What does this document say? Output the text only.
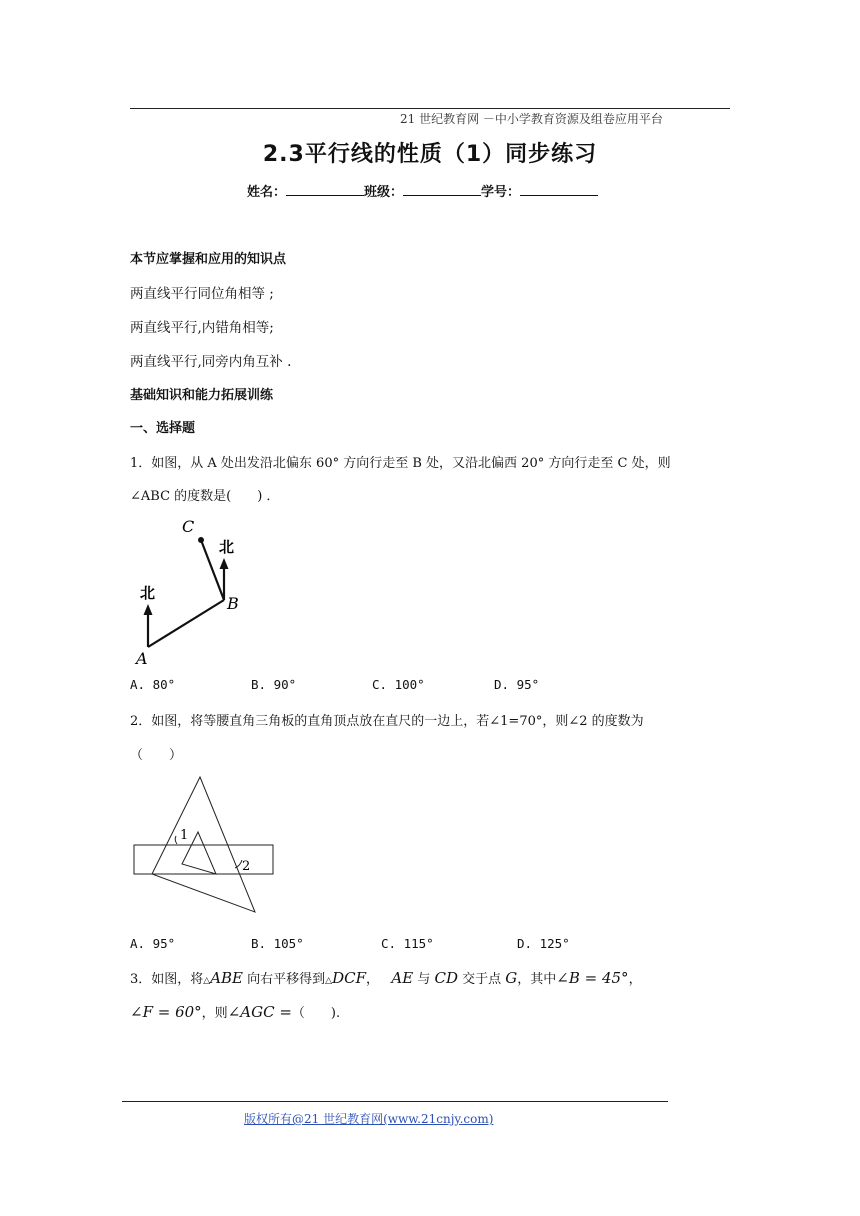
21 世纪教育网 －中小学教育资源及组卷应用平台
2.3平行线的性质（1）同步练习
姓名：	班级：	学号：
本节应掌握和应用的知识点
两直线平行同位角相等 ;
两直线平行,内错角相等;
两直线平行,同旁内角互补 .
基础知识和能力拓展训练
一、选择题
1．如图，从 A 处出发沿北偏东 60° 方向行走至 B 处，又沿北偏西 20° 方向行走至 C 处，则
∠ABC 的度数是(　　) ．
北
北
C
B
A
A. 80°	B. 90°	C. 100°	D. 95°
2．如图，将等腰直角三角板的直角顶点放在直尺的一边上，若∠1=70°，则∠2 的度数为
（　　）
1
2
A. 95°	B. 105°	C. 115°	D. 125°
3．如图，将△ABE 向右平移得到△DCF， AE 与 CD 交于点 G，其中∠B = 45°，
∠F = 60°，则∠AGC =（　　).
版权所有@21 世纪教育网(www.21cnjy.com)
